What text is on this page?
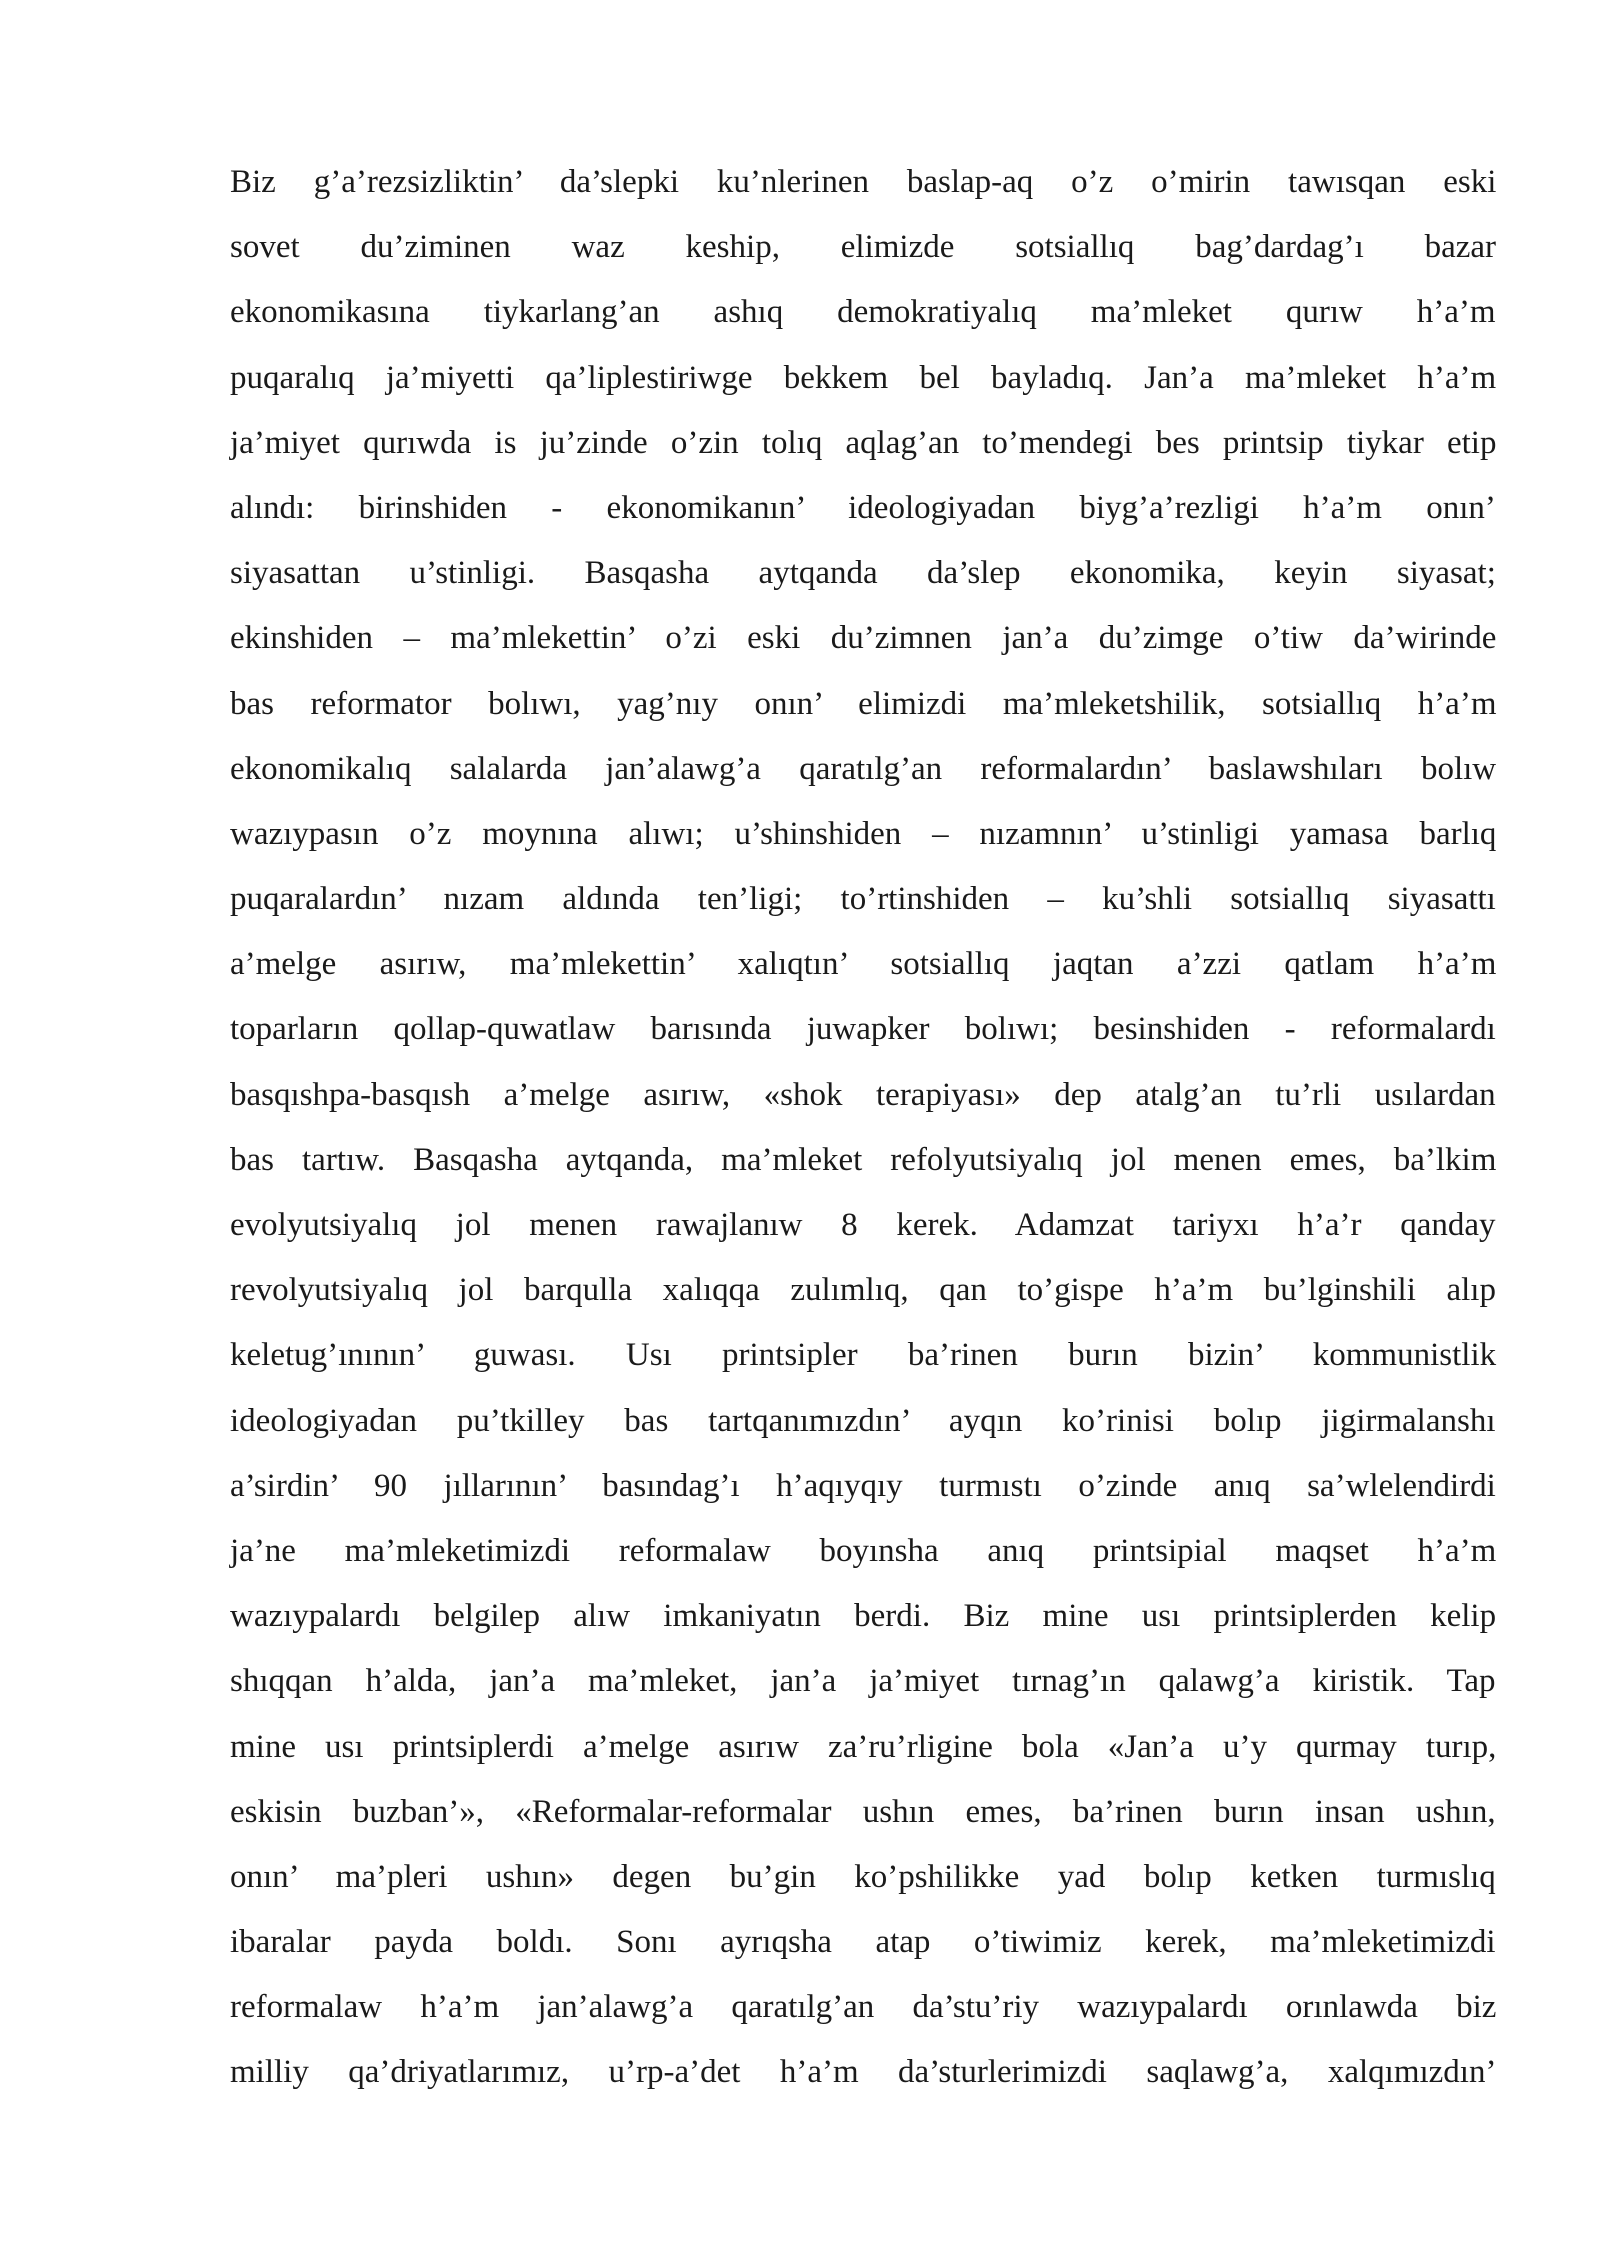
Biz g’a’rezsizliktin’ da’slepki ku’nlerinen baslap-aq o’z o’mirin tawısqan eski
sovet du’ziminen waz keship, elimizde sotsiallıq bag’dardag’ı bazar
ekonomikasına tiykarlang’an ashıq demokratiyalıq ma’mleket qurıw h’a’m
puqaralıq ja’miyetti qa’liplestiriwge bekkem bel bayladıq. Jan’a ma’mleket h’a’m
ja’miyet qurıwda is ju’zinde o’zin tolıq aqlag’an to’mendegi bes printsip tiykar etip
alındı: birinshiden - ekonomikanın’ ideologiyadan biyg’a’rezligi h’a’m onın’
siyasattan u’stinligi. Basqasha aytqanda da’slep ekonomika, keyin siyasat;
ekinshiden – ma’mlekettin’ o’zi eski du’zimnen jan’a du’zimge o’tiw da’wirinde
bas reformator bolıwı, yag’nıy onın’ elimizdi ma’mleketshilik, sotsiallıq h’a’m
ekonomikalıq salalarda jan’alawg’a qaratılg’an reformalardın’ baslawshıları bolıw
wazıypasın o’z moynına alıwı; u’shinshiden – nızamnın’ u’stinligi yamasa barlıq
puqaralardın’ nızam aldında ten’ligi; to’rtinshiden – ku’shli sotsiallıq siyasattı
a’melge asırıw, ma’mlekettin’ xalıqtın’ sotsiallıq jaqtan a’zzi qatlam h’a’m
toparların qollap-quwatlaw barısında juwapker bolıwı; besinshiden - reformalardı
basqıshpa-basqısh a’melge asırıw, «shok terapiyası» dep atalg’an tu’rli usılardan
bas tartıw. Basqasha aytqanda, ma’mleket refolyutsiyalıq jol menen emes, ba’lkim
evolyutsiyalıq jol menen rawajlanıw 8 kerek. Adamzat tariyxı h’a’r qanday
revolyutsiyalıq jol barqulla xalıqqa zulımlıq, qan to’gispe h’a’m bu’lginshili alıp
keletug’ınının’ guwası. Usı printsipler ba’rinen burın bizin’ kommunistlik
ideologiyadan pu’tkilley bas tartqanımızdın’ ayqın ko’rinisi bolıp jigirmalanshı
a’sirdin’ 90 jıllarının’ basındag’ı h’aqıyqıy turmıstı o’zinde anıq sa’wlelendirdi
ja’ne ma’mleketimizdi reformalaw boyınsha anıq printsipial maqset h’a’m
wazıypalardı belgilep alıw imkaniyatın berdi. Biz mine usı printsiplerden kelip
shıqqan h’alda, jan’a ma’mleket, jan’a ja’miyet tırnag’ın qalawg’a kiristik. Tap
mine usı printsiplerdi a’melge asırıw za’ru’rligine bola «Jan’a u’y qurmay turıp,
eskisin buzban’», «Reformalar-reformalar ushın emes, ba’rinen burın insan ushın,
onın’ ma’pleri ushın» degen bu’gin ko’pshilikke yad bolıp ketken turmıslıq
ibaralar payda boldı. Sonı ayrıqsha atap o’tiwimiz kerek, ma’mleketimizdi
reformalaw h’a’m jan’alawg’a qaratılg’an da’stu’riy wazıypalardı orınlawda biz
milliy qa’driyatlarımız, u’rp-a’det h’a’m da’sturlerimizdi saqlawg’a, xalqımızdın’
